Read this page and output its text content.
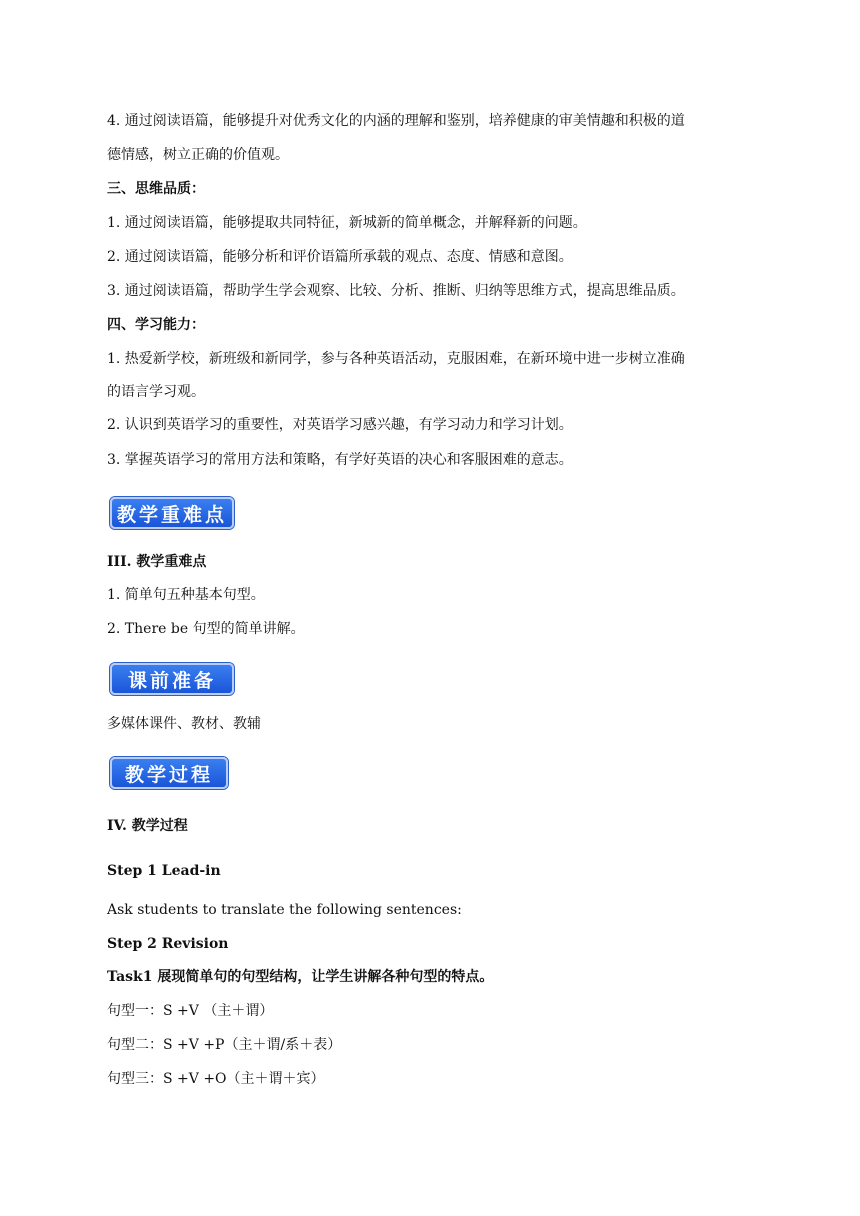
4. 通过阅读语篇，能够提升对优秀文化的内涵的理解和鉴别，培养健康的审美情趣和积极的道
德情感，树立正确的价值观。
三、思维品质：
1. 通过阅读语篇，能够提取共同特征，新城新的简单概念，并解释新的问题。
2. 通过阅读语篇，能够分析和评价语篇所承载的观点、态度、情感和意图。
3. 通过阅读语篇，帮助学生学会观察、比较、分析、推断、归纳等思维方式，提高思维品质。
四、学习能力：
1. 热爱新学校，新班级和新同学，参与各种英语活动，克服困难，在新环境中进一步树立准确
的语言学习观。
2. 认识到英语学习的重要性，对英语学习感兴趣，有学习动力和学习计划。
3. 掌握英语学习的常用方法和策略，有学好英语的决心和客服困难的意志。
教学重难点
III. 教学重难点
1. 简单句五种基本句型。
2. There be 句型的简单讲解。
课前准备
多媒体课件、教材、教辅
教学过程
IV. 教学过程
Step 1 Lead-in
Ask students to translate the following sentences:
Step 2 Revision
Task1 展现简单句的句型结构，让学生讲解各种句型的特点。
句型一：S +V （主＋谓）
句型二：S +V +P（主＋谓/系＋表）
句型三：S +V +O（主＋谓＋宾）
